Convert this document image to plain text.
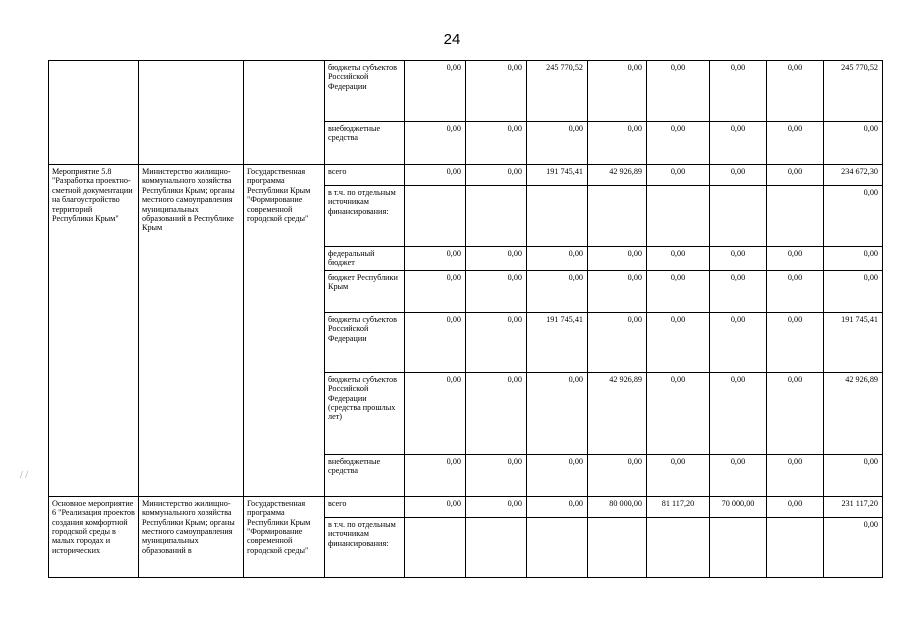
24
			бюджеты субъектов Российской Федерации	0,00	0,00	245 770,52	0,00	0,00	0,00	0,00	245 770,52
			внебюджетные средства	0,00	0,00	0,00	0,00	0,00	0,00	0,00	0,00
Мероприятие 5.8 "Разработка проектно-сметной документации на благоустройство территорий Республики Крым"	Министерство жилищно-коммунального хозяйства Республики Крым; органы местного самоуправления муниципальных образований в Республике Крым	Государственная программа Республики Крым "Формирование современной городской среды"	всего	0,00	0,00	191 745,41	42 926,89	0,00	0,00	0,00	234 672,30
			в т.ч. по отдельным источникам финансирования:								0,00
			федеральный бюджет	0,00	0,00	0,00	0,00	0,00	0,00	0,00	0,00
			бюджет Республики Крым	0,00	0,00	0,00	0,00	0,00	0,00	0,00	0,00
			бюджеты субъектов Российской Федерации	0,00	0,00	191 745,41	0,00	0,00	0,00	0,00	191 745,41
			бюджеты субъектов Российской Федерации (средства прошлых лет)	0,00	0,00	0,00	42 926,89	0,00	0,00	0,00	42 926,89
			внебюджетные средства	0,00	0,00	0,00	0,00	0,00	0,00	0,00	0,00
Основное мероприятие 6 "Реализация проектов создания комфортной городской среды в малых городах и исторических	Министерство жилищно-коммунального хозяйства Республики Крым; органы местного самоуправления муниципальных образований в	Государственная программа Республики Крым "Формирование современной городской среды"	всего	0,00	0,00	0,00	80 000,00	81 117,20	70 000,00	0,00	231 117,20
			в т.ч. по отдельным источникам финансирования:								0,00
/ /
